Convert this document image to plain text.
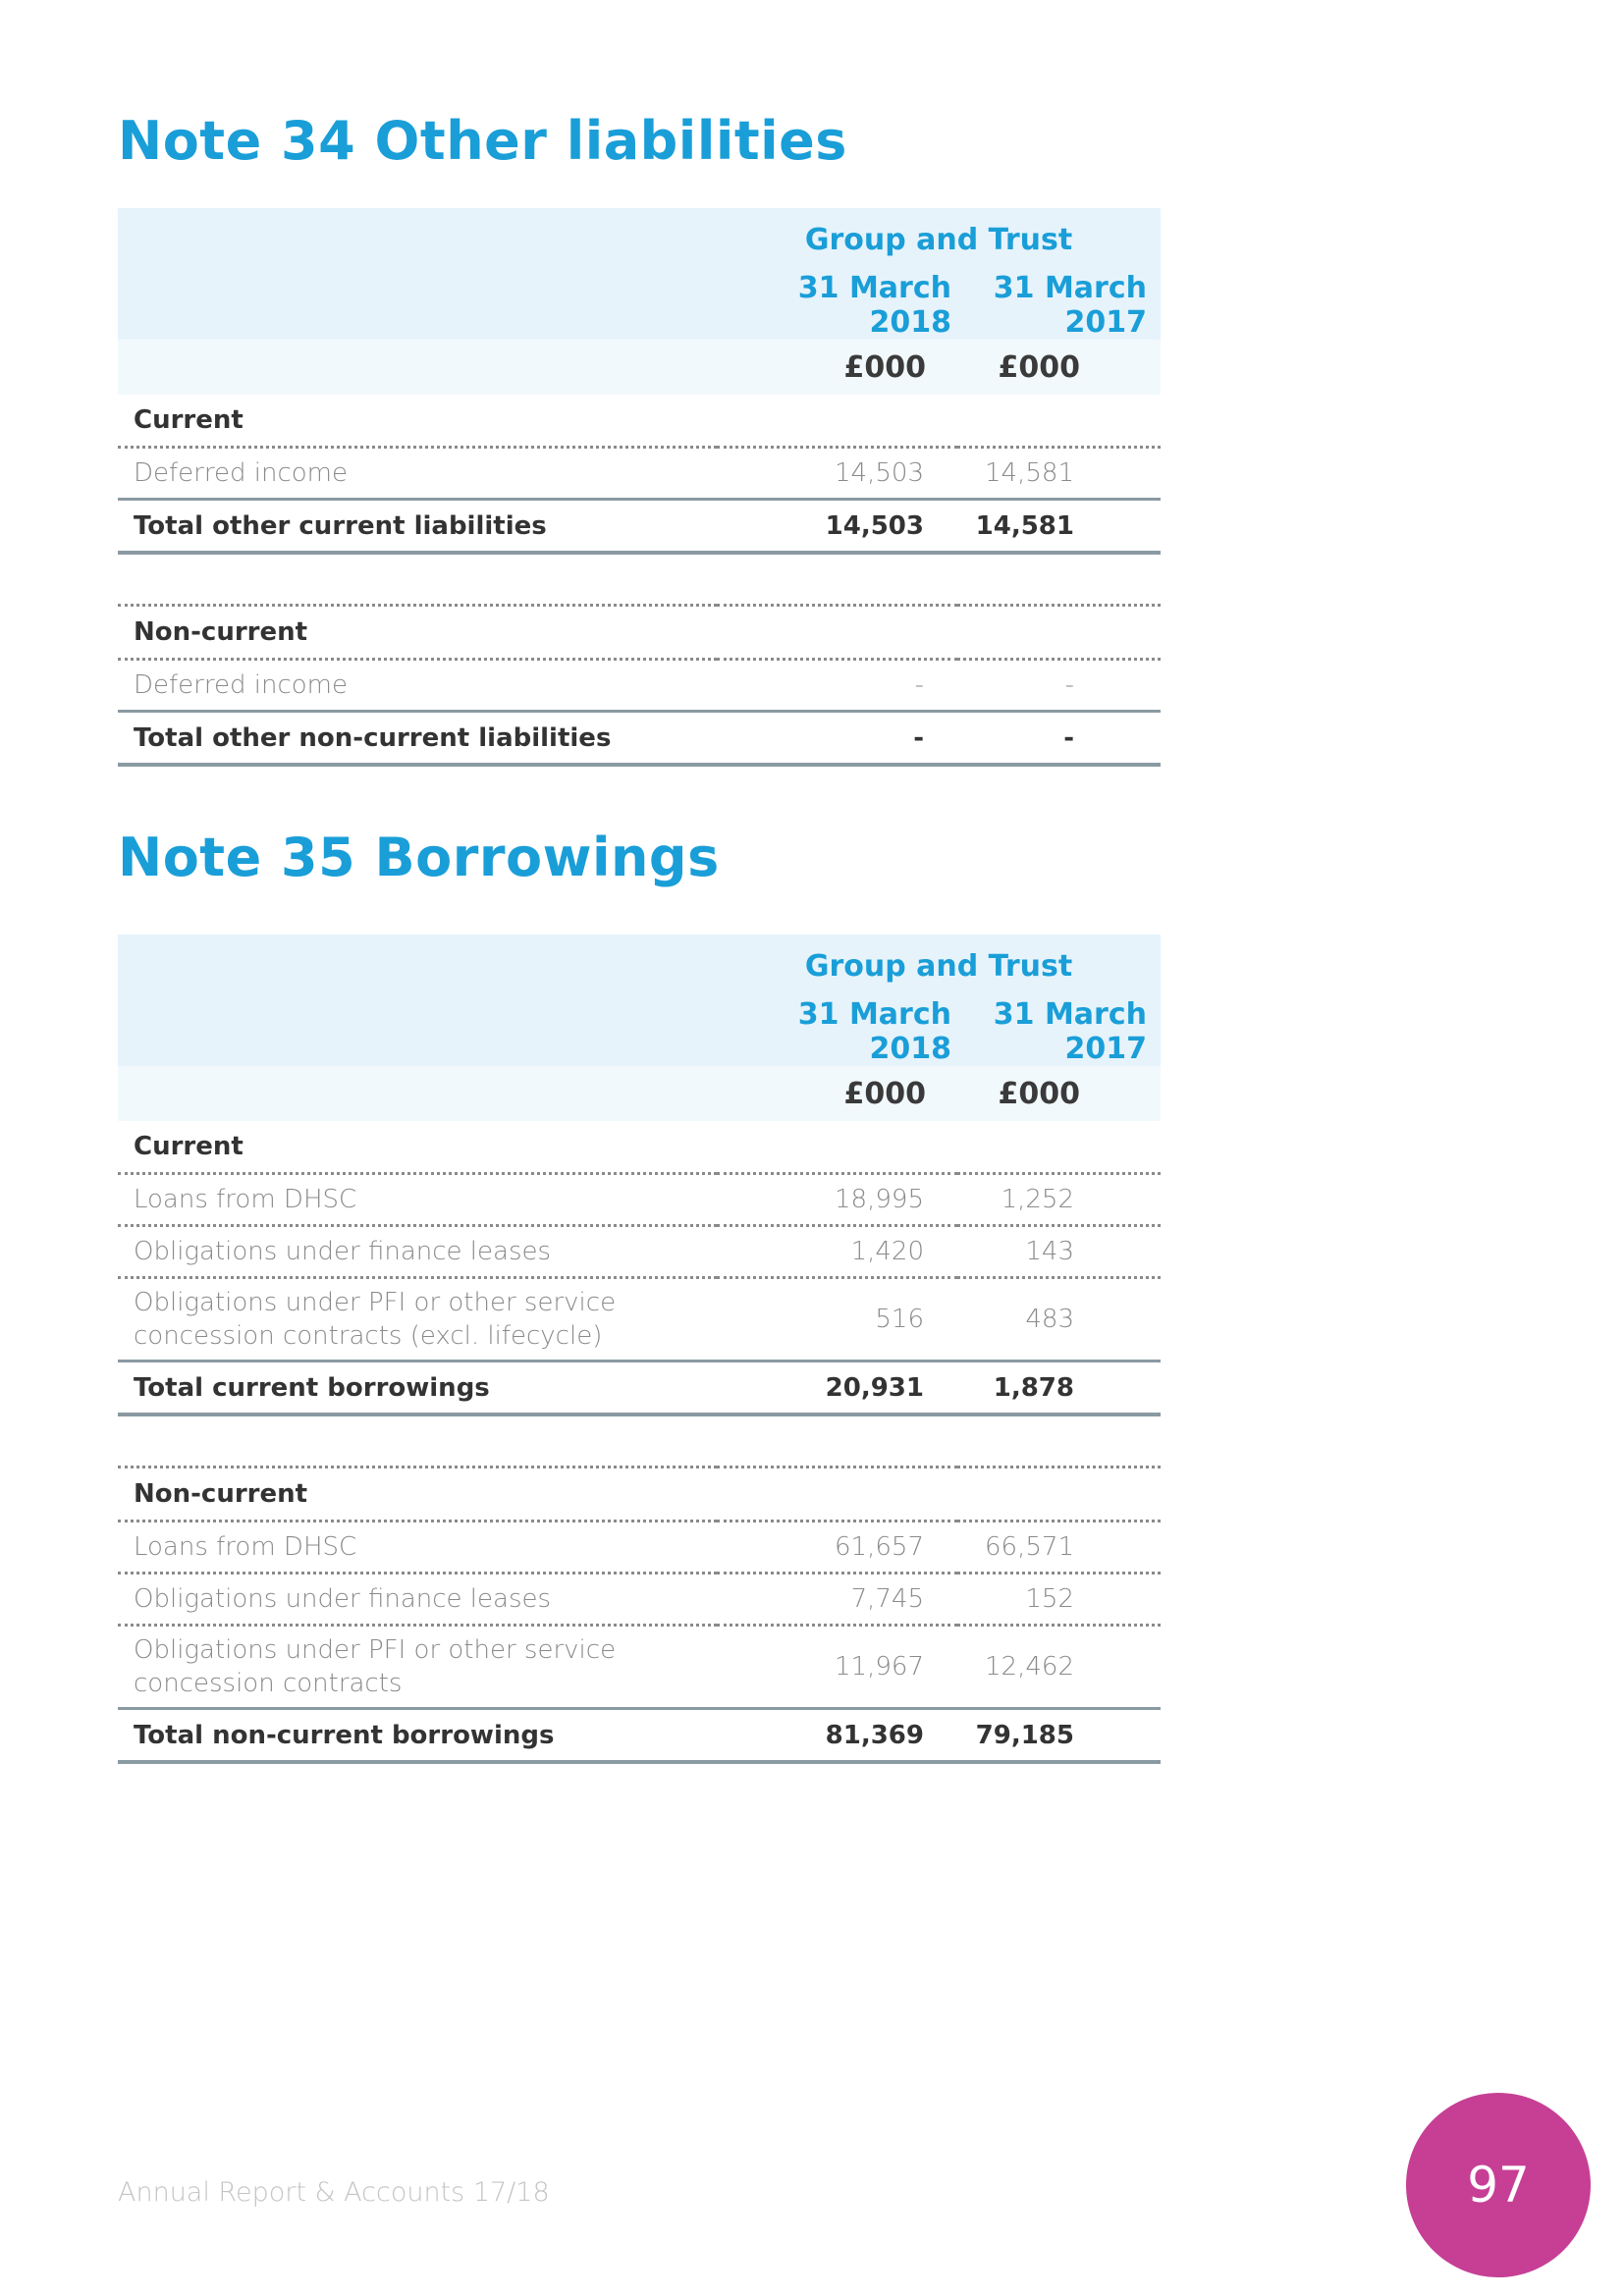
Note 34 Other liabilities
	Group and Trust	
	31 March 2018	31 March 2017
	£000	£000
Current		
Deferred income	14,503	14,581
Total other current liabilities	14,503	14,581

Non-current		
Deferred income	-	-
Total other non-current liabilities	-	-
Note 35 Borrowings
	Group and Trust	
	31 March 2018	31 March 2017
	£000	£000
Current		
Loans from DHSC	18,995	1,252
Obligations under finance leases	1,420	143

Obligations under PFI or other service
concession contracts (excl. lifecycle)	516	483
Total current borrowings	20,931	1,878

Non-current		
Loans from DHSC	61,657	66,571
Obligations under finance leases	7,745	152

Obligations under PFI or other service
concession contracts	11,967	12,462
Total non-current borrowings	81,369	79,185
Annual Report & Accounts 17/18	97
